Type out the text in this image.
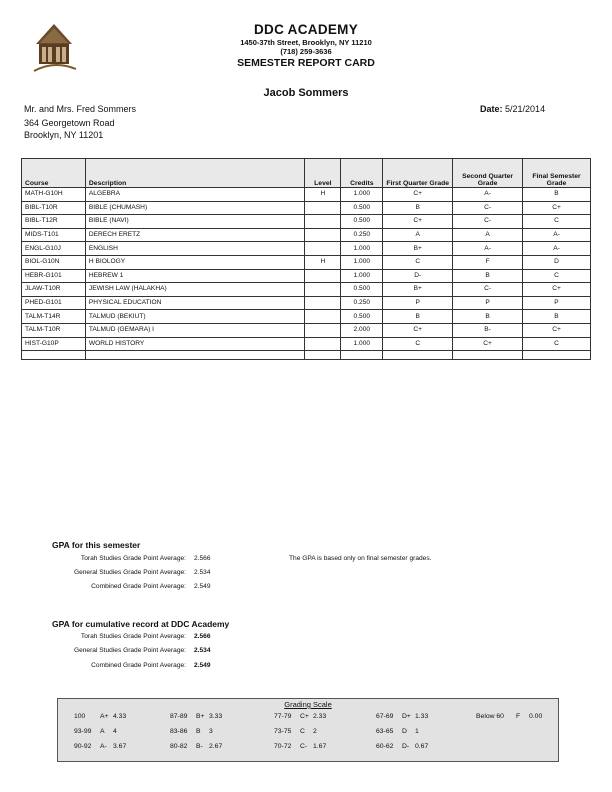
DDC ACADEMY
1450-37th Street, Brooklyn, NY 11210
(718) 259-3636
SEMESTER REPORT CARD
Jacob Sommers
Mr. and Mrs. Fred Sommers
364 Georgetown Road
Brooklyn, NY 11201
Date: 5/21/2014
Course	Description	Level	Credits	First Quarter Grade	Second Quarter Grade	Final Semester Grade
MATH-G10H	ALGEBRA	H	1.000	C+	A-	B
BIBL-T10R	BIBLE (CHUMASH)		0.500	B	C-	C+
BIBL-T12R	BIBLE (NAVI)		0.500	C+	C-	C
MIDS-T101	DERECH ERETZ		0.250	A	A	A-
ENGL-G10J	ENGLISH		1.000	B+	A-	A-
BIOL-G10N	H BIOLOGY	H	1.000	C	F	D
HEBR-G101	HEBREW 1		1.000	D-	B	C
JLAW-T10R	JEWISH LAW (HALAKHA)		0.500	B+	C-	C+
PHED-G101	PHYSICAL EDUCATION		0.250	P	P	P
TALM-T14R	TALMUD (BEKIUT)		0.500	B	B	B
TALM-T10R	TALMUD (GEMARA) I		2.000	C+	B-	C+
HIST-G10P	WORLD HISTORY		1.000	C	C+	C

GPA for this semester
Torah Studies Grade Point Average: 2.566
General Studies Grade Point Average: 2.534
Combined Grade Point Average: 2.549
The GPA is based only on final semester grades.
GPA for cumulative record at DDC Academy
Torah Studies Grade Point Average: 2.566
General Studies Grade Point Average: 2.534
Combined Grade Point Average: 2.549
Grading Scale
100 A+ 4.33
93-99 A 4
90-92 A- 3.67
87-89 B+ 3.33
83-86 B 3
80-82 B- 2.67
77-79 C+ 2.33
73-75 C 2
70-72 C- 1.67
67-69 D+ 1.33
63-65 D 1
60-62 D- 0.67
Below 60 F 0.00
